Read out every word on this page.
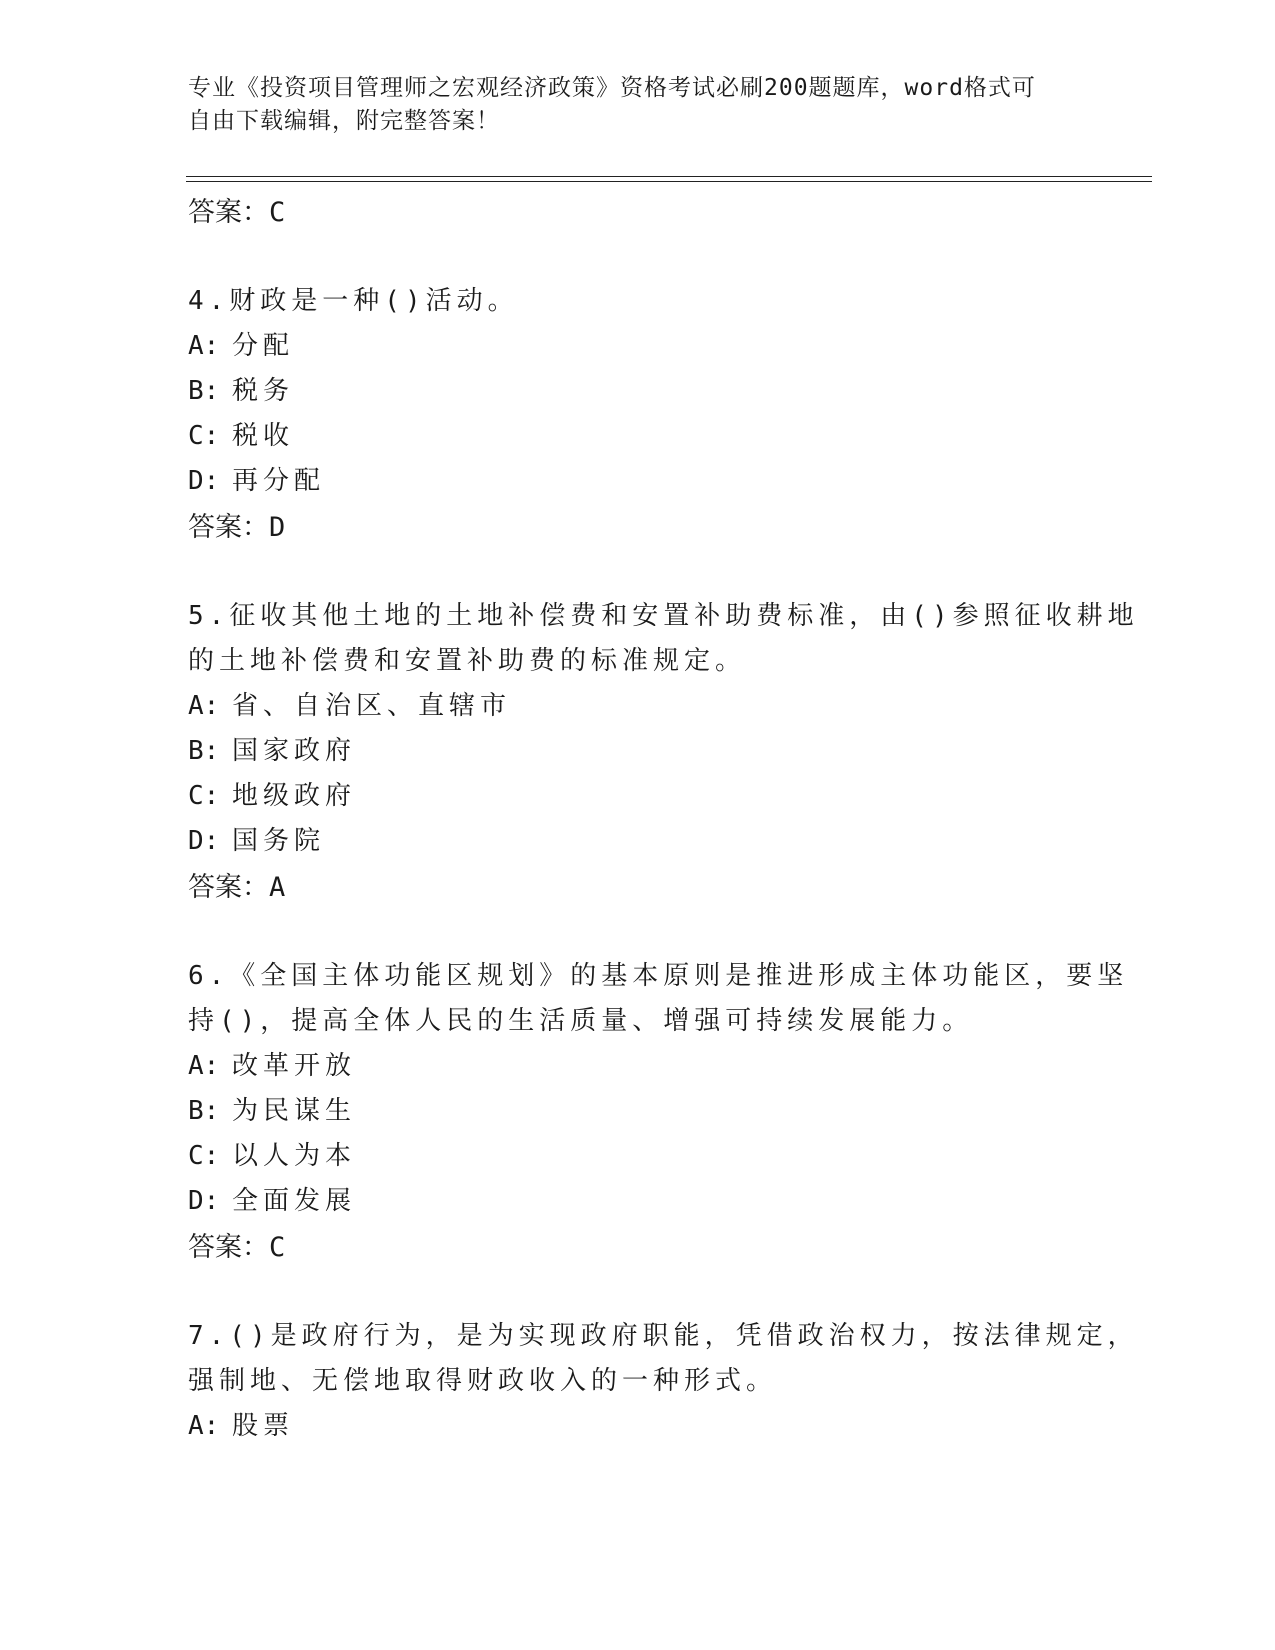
专业《投资项目管理师之宏观经济政策》资格考试必刷200题题库，word格式可
自由下载编辑，附完整答案！
答案：C
4.财政是一种()活动。
A: 分配
B: 税务
C: 税收
D: 再分配
答案：D
5.征收其他土地的土地补偿费和安置补助费标准，由()参照征收耕地
的土地补偿费和安置补助费的标准规定。
A: 省、自治区、直辖市
B: 国家政府
C: 地级政府
D: 国务院
答案：A
6.《全国主体功能区规划》的基本原则是推进形成主体功能区，要坚
持()，提高全体人民的生活质量、增强可持续发展能力。
A: 改革开放
B: 为民谋生
C: 以人为本
D: 全面发展
答案：C
7.()是政府行为，是为实现政府职能，凭借政治权力，按法律规定，
强制地、无偿地取得财政收入的一种形式。
A: 股票
